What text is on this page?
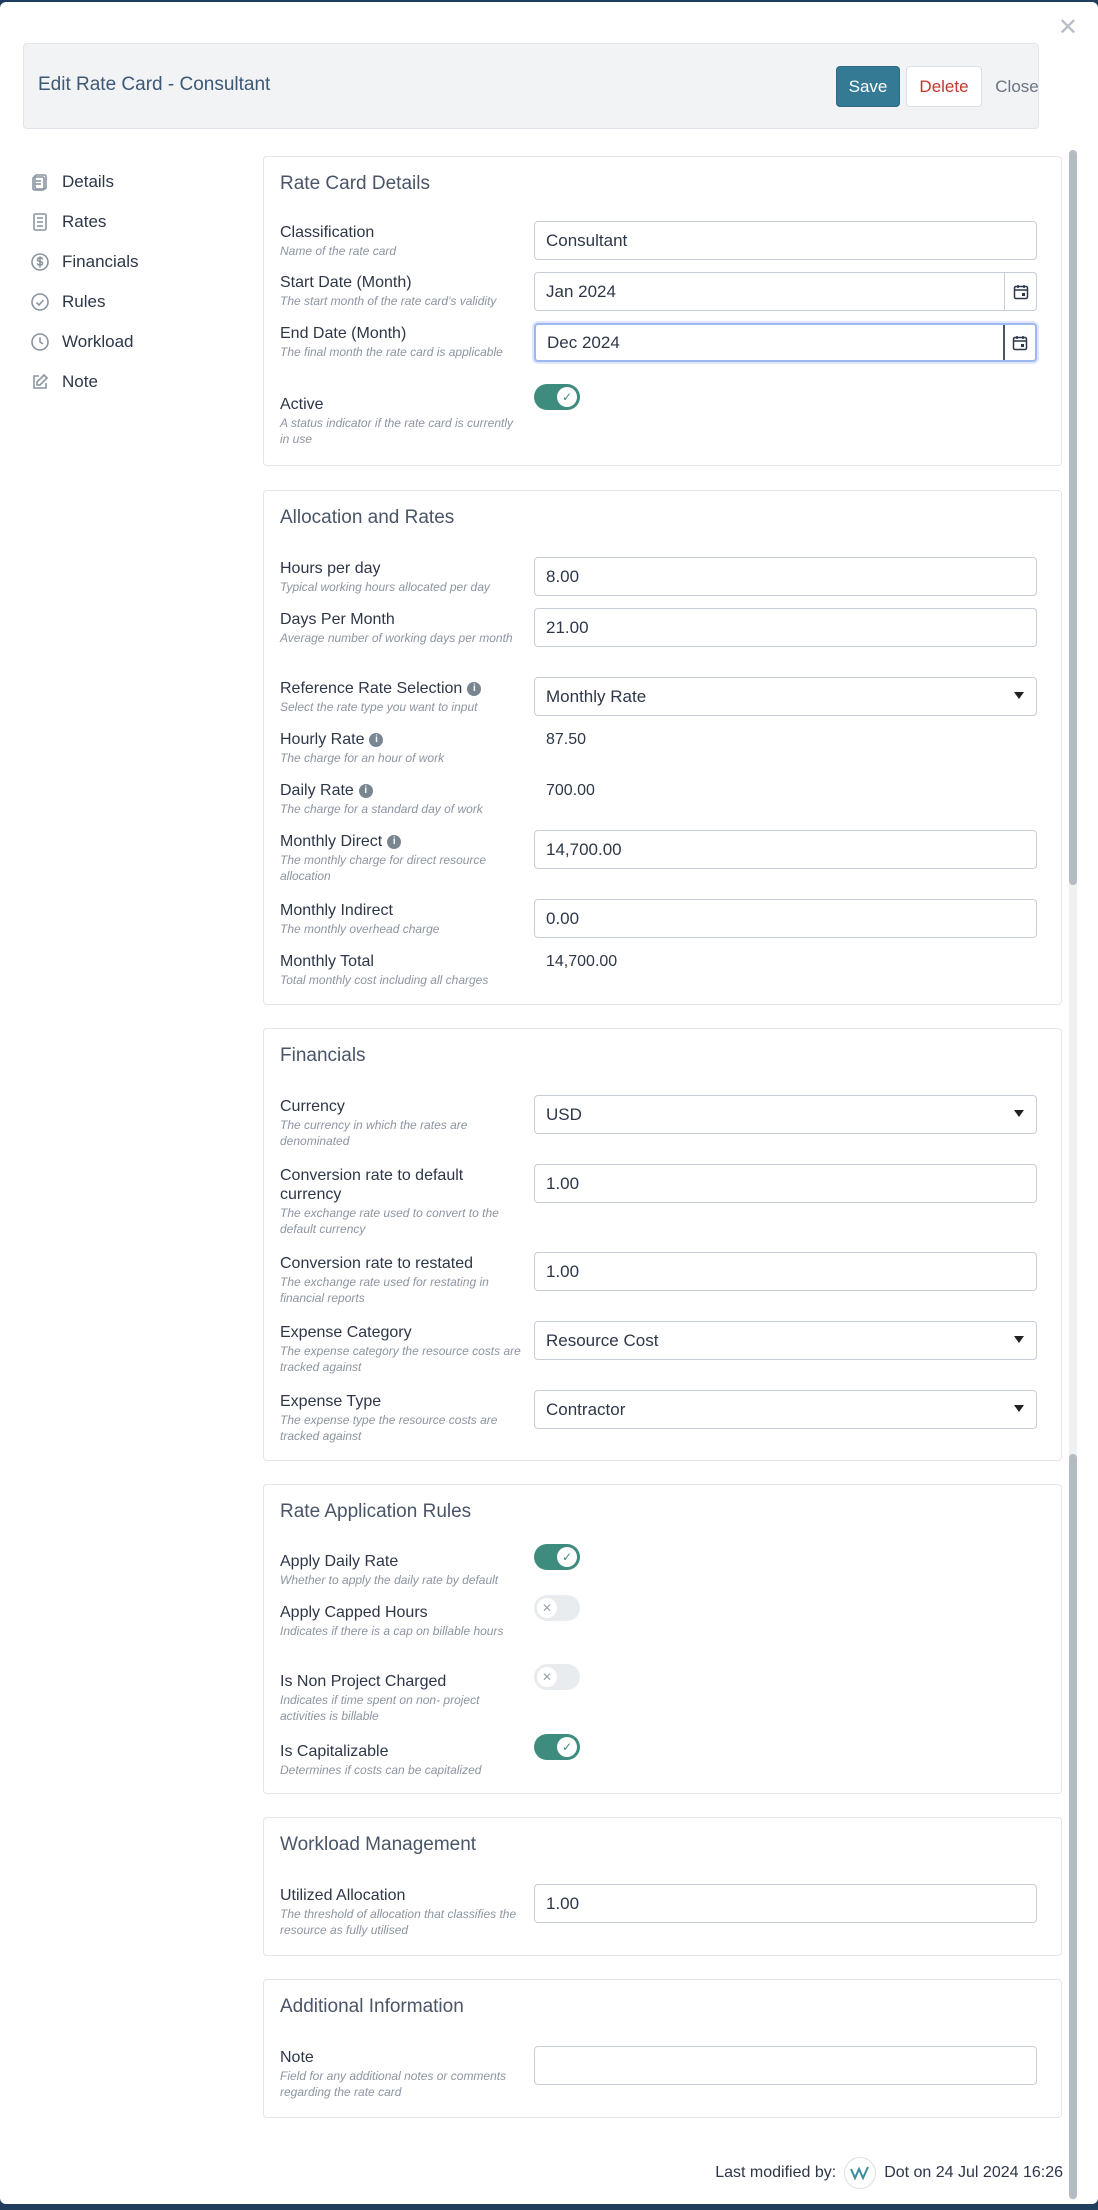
✕
Edit Rate Card - Consultant	Save	Delete	Close
Details
Rates
Financials
Rules
Workload
Note
Rate Card Details
Classification
Name of the rate card
Consultant
Start Date (Month)
The start month of the rate card's validity
Jan 2024
End Date (Month)
The final month the rate card is applicable
Dec 2024
Active
A status indicator if the rate card is currently in use
✓
Allocation and Rates
Hours per day
Typical working hours allocated per day
8.00
Days Per Month
Average number of working days per month
21.00
Reference Rate Selection	i
Select the rate type you want to input
Monthly Rate
Hourly Rate	i
The charge for an hour of work
87.50
Daily Rate	i
The charge for a standard day of work
700.00
Monthly Direct	i
The monthly charge for direct resource allocation
14,700.00
Monthly Indirect
The monthly overhead charge
0.00
Monthly Total
Total monthly cost including all charges
14,700.00
Financials
Currency
The currency in which the rates are denominated
USD
Conversion rate to default currency
The exchange rate used to convert to the default currency
1.00
Conversion rate to restated
The exchange rate used for restating in financial reports
1.00
Expense Category
The expense category the resource costs are tracked against
Resource Cost
Expense Type
The expense type the resource costs are tracked against
Contractor
Rate Application Rules
Apply Daily Rate
Whether to apply the daily rate by default
✓
Apply Capped Hours
Indicates if there is a cap on billable hours
✕
Is Non Project Charged
Indicates if time spent on non- project activities is billable
✕
Is Capitalizable
Determines if costs can be capitalized
✓
Workload Management
Utilized Allocation
The threshold of allocation that classifies the resource as fully utilised
1.00
Additional Information
Note
Field for any additional notes or comments regarding the rate card
Last modified by:	Dot on 24 Jul 2024 16:26
